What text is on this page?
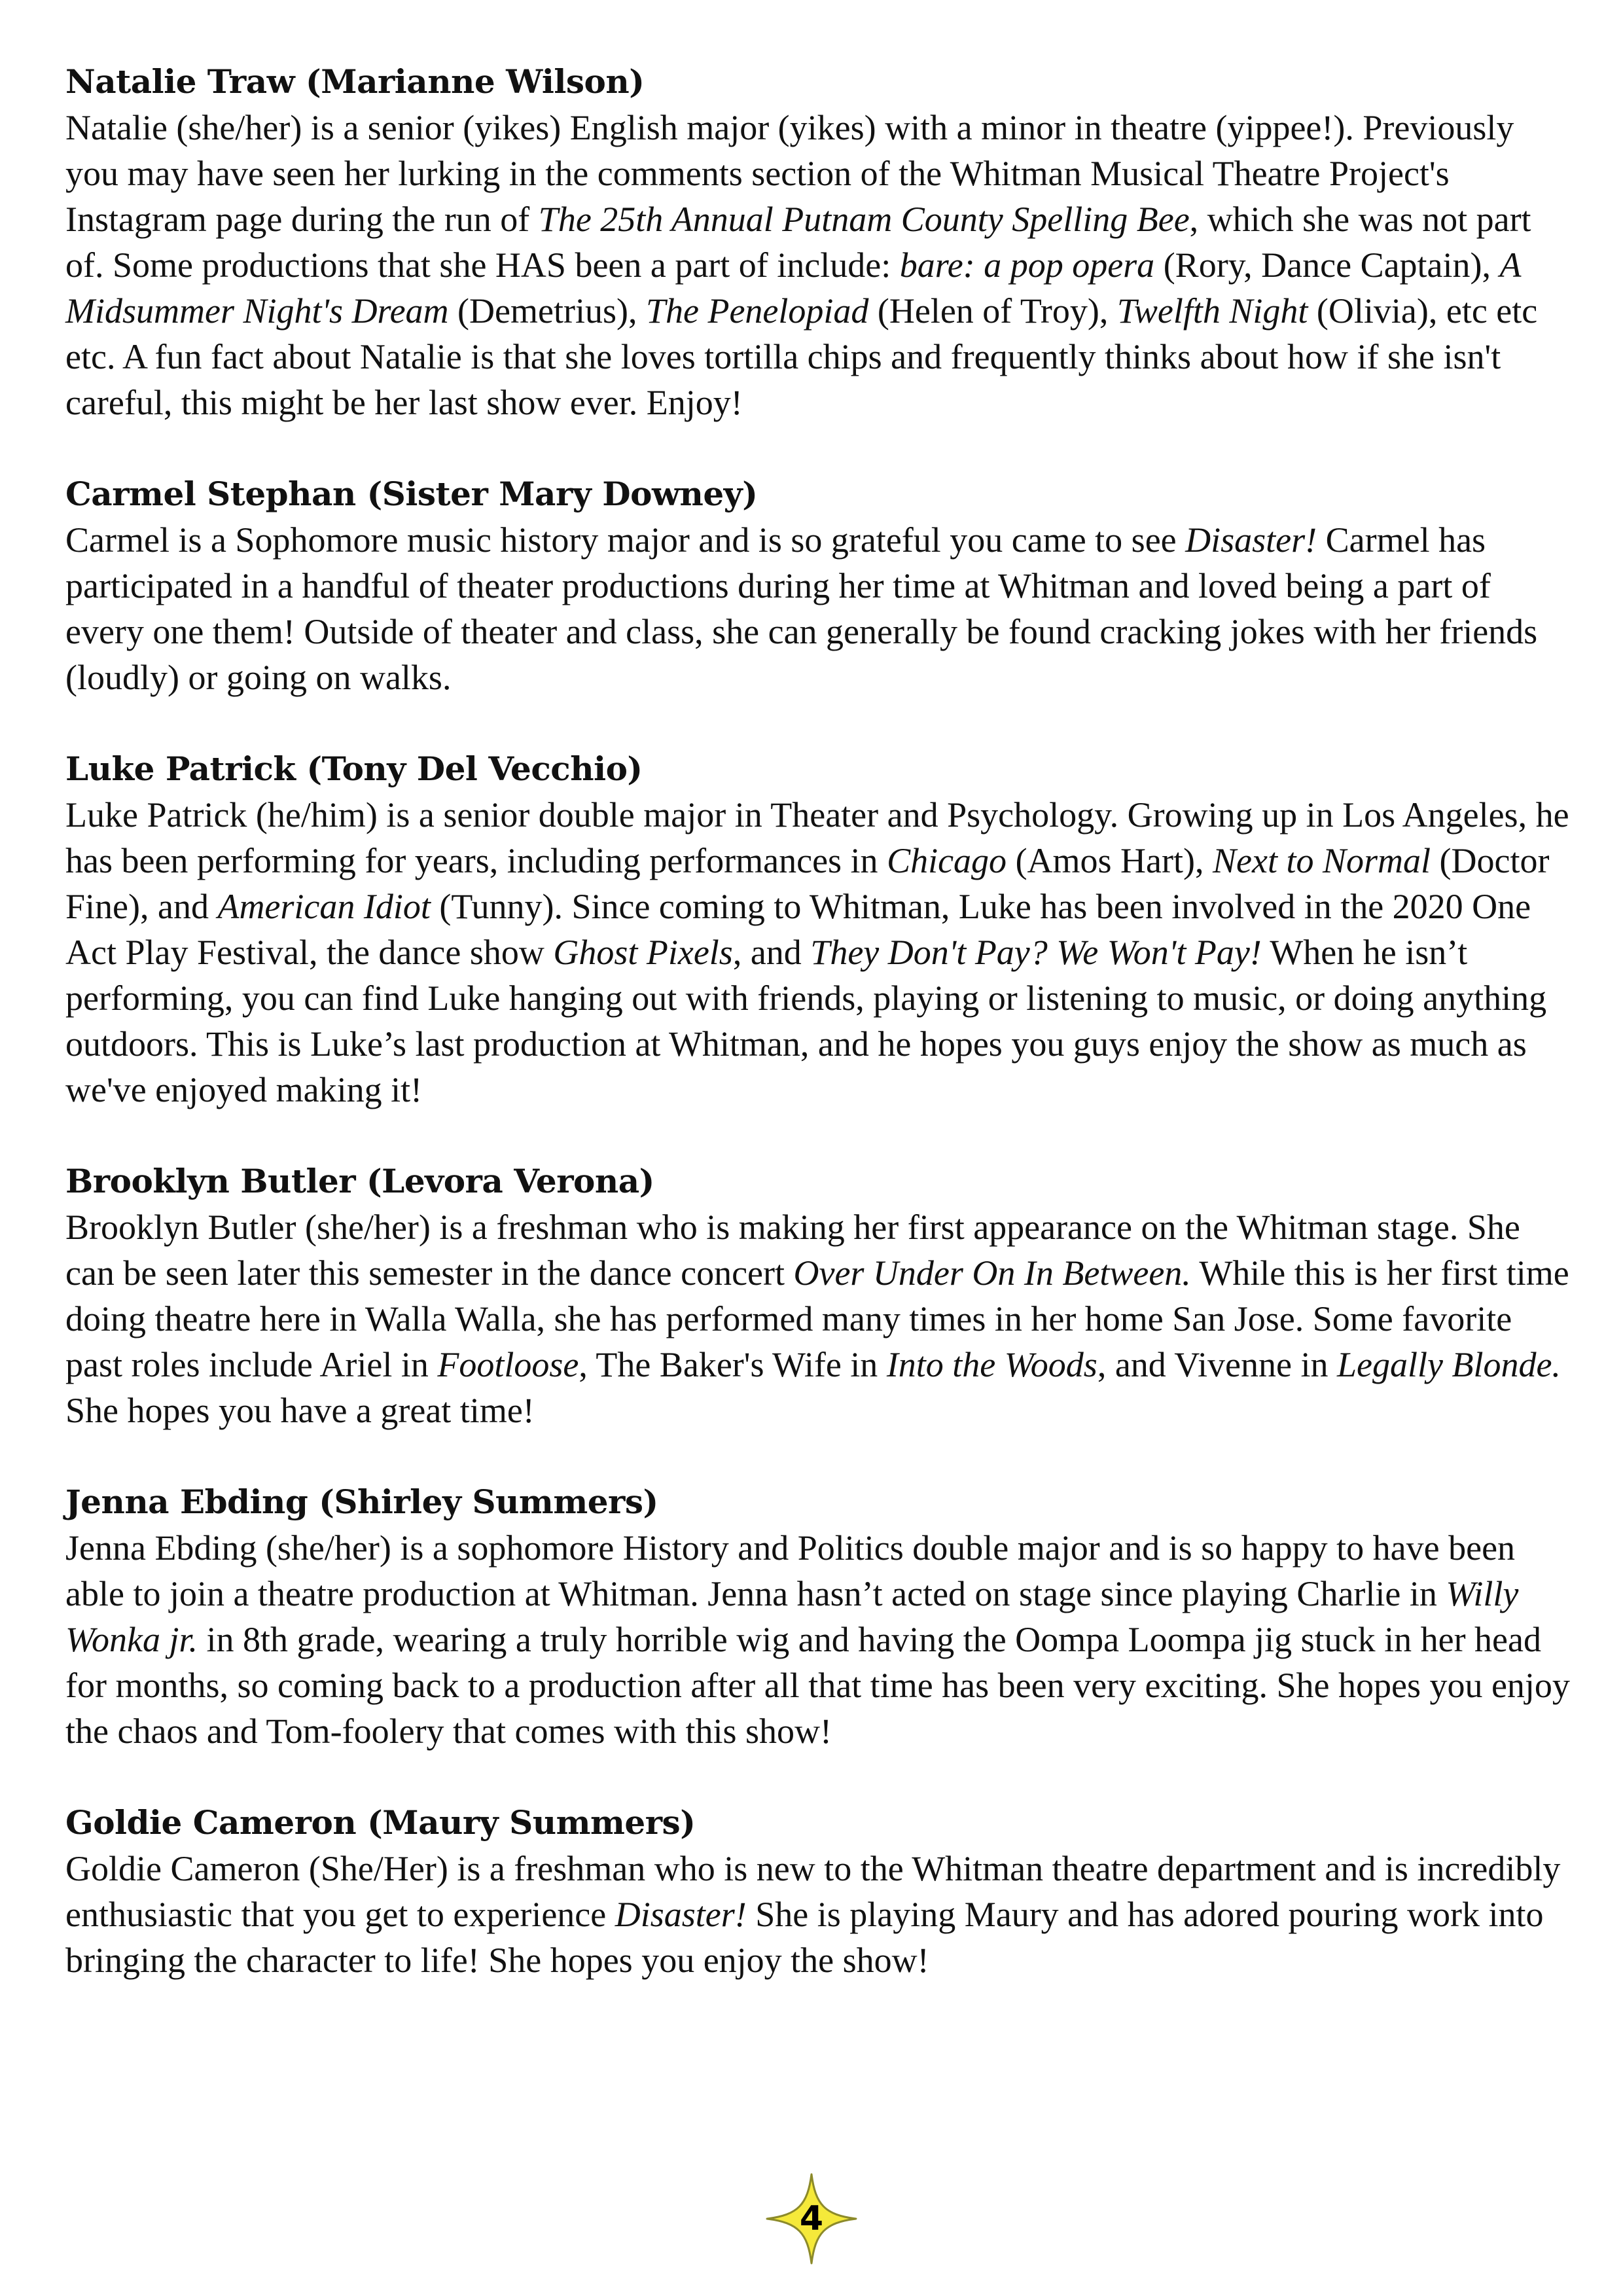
Natalie Traw (Marianne Wilson)

Natalie (she/her) is a senior (yikes) English major (yikes) with a minor in theatre (yippee!). Previously you may have seen her lurking in the comments section of the Whitman Musical Theatre Project's Instagram page during the run of The 25th Annual Putnam County Spelling Bee, which she was not part of. Some productions that she HAS been a part of include: bare: a pop opera (Rory, Dance Captain), A Midsummer Night's Dream (Demetrius), The Penelopiad (Helen of Troy), Twelfth Night (Olivia), etc etc etc. A fun fact about Natalie is that she loves tortilla chips and frequently thinks about how if she isn't careful, this might be her last show ever. Enjoy!

Carmel Stephan (Sister Mary Downey)

Carmel is a Sophomore music history major and is so grateful you came to see Disaster! Carmel has participated in a handful of theater productions during her time at Whitman and loved being a part of every one them! Outside of theater and class, she can generally be found cracking jokes with her friends (loudly) or going on walks.

Luke Patrick (Tony Del Vecchio)

Luke Patrick (he/him) is a senior double major in Theater and Psychology. Growing up in Los Angeles, he has been performing for years, including performances in Chicago (Amos Hart), Next to Normal (Doctor Fine), and American Idiot (Tunny). Since coming to Whitman, Luke has been involved in the 2020 One Act Play Festival, the dance show Ghost Pixels, and They Don't Pay? We Won't Pay! When he isn’t performing, you can find Luke hanging out with friends, playing or listening to music, or doing anything outdoors. This is Luke’s last production at Whitman, and he hopes you guys enjoy the show as much as we've enjoyed making it!

Brooklyn Butler (Levora Verona)

Brooklyn Butler (she/her) is a freshman who is making her first appearance on the Whitman stage. She can be seen later this semester in the dance concert Over Under On In Between. While this is her first time doing theatre here in Walla Walla, she has performed many times in her home San Jose. Some favorite past roles include Ariel in Footloose, The Baker's Wife in Into the Woods, and Vivenne in Legally Blonde. She hopes you have a great time!

Jenna Ebding (Shirley Summers)

Jenna Ebding (she/her) is a sophomore History and Politics double major and is so happy to have been able to join a theatre production at Whitman. Jenna hasn’t acted on stage since playing Charlie in Willy Wonka jr. in 8th grade, wearing a truly horrible wig and having the Oompa Loompa jig stuck in her head for months, so coming back to a production after all that time has been very exciting. She hopes you enjoy the chaos and Tom-foolery that comes with this show!

Goldie Cameron (Maury Summers)

Goldie Cameron (She/Her) is a freshman who is new to the Whitman theatre department and is incredibly enthusiastic that you get to experience Disaster! She is playing Maury and has adored pouring work into bringing the character to life! She hopes you enjoy the show!

4
